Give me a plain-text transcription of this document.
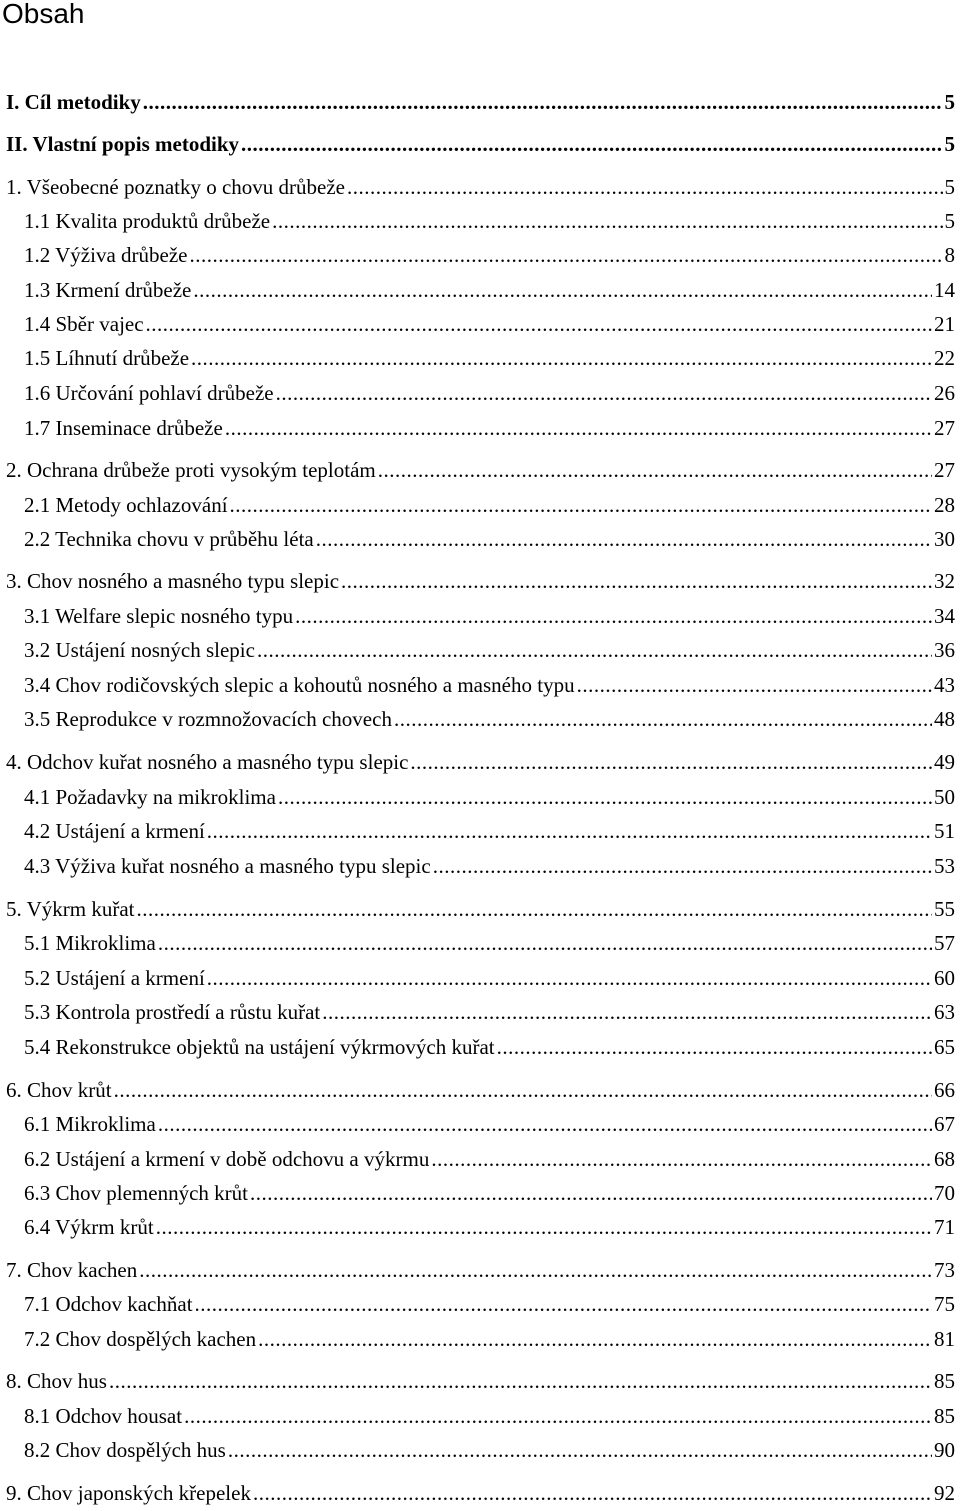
Obsah
I. Cíl metodiky .....	5
II. Vlastní popis metodiky .....	5
1. Všeobecné poznatky o chovu drůbeže .....	5
1.1 Kvalita produktů drůbeže .....	5
1.2 Výživa drůbeže .....	8
1.3 Krmení drůbeže .....	14
1.4 Sběr vajec .....	21
1.5 Líhnutí drůbeže .....	22
1.6 Určování pohlaví drůbeže .....	26
1.7 Inseminace drůbeže .....	27
2. Ochrana drůbeže proti vysokým teplotám .....	27
2.1 Metody ochlazování .....	28
2.2 Technika chovu v průběhu léta .....	30
3. Chov nosného a masného typu slepic .....	32
3.1 Welfare slepic nosného typu .....	34
3.2 Ustájení nosných slepic .....	36
3.4 Chov rodičovských slepic a kohoutů nosného a masného typu .....	43
3.5 Reprodukce v rozmnožovacích chovech .....	48
4. Odchov kuřat nosného a masného typu slepic .....	49
4.1 Požadavky na mikroklima .....	50
4.2 Ustájení a krmení .....	51
4.3 Výživa kuřat nosného a masného typu slepic .....	53
5. Výkrm kuřat .....	55
5.1 Mikroklima .....	57
5.2 Ustájení a krmení .....	60
5.3 Kontrola prostředí a růstu kuřat .....	63
5.4 Rekonstrukce objektů na ustájení výkrmových kuřat .....	65
6. Chov krůt .....	66
6.1 Mikroklima .....	67
6.2 Ustájení a krmení v době odchovu a výkrmu .....	68
6.3 Chov plemenných krůt .....	70
6.4 Výkrm krůt .....	71
7. Chov kachen .....	73
7.1 Odchov kachňat .....	75
7.2 Chov dospělých kachen .....	81
8. Chov hus .....	85
8.1 Odchov housat .....	85
8.2 Chov dospělých hus .....	90
9. Chov japonských křepelek .....	92
